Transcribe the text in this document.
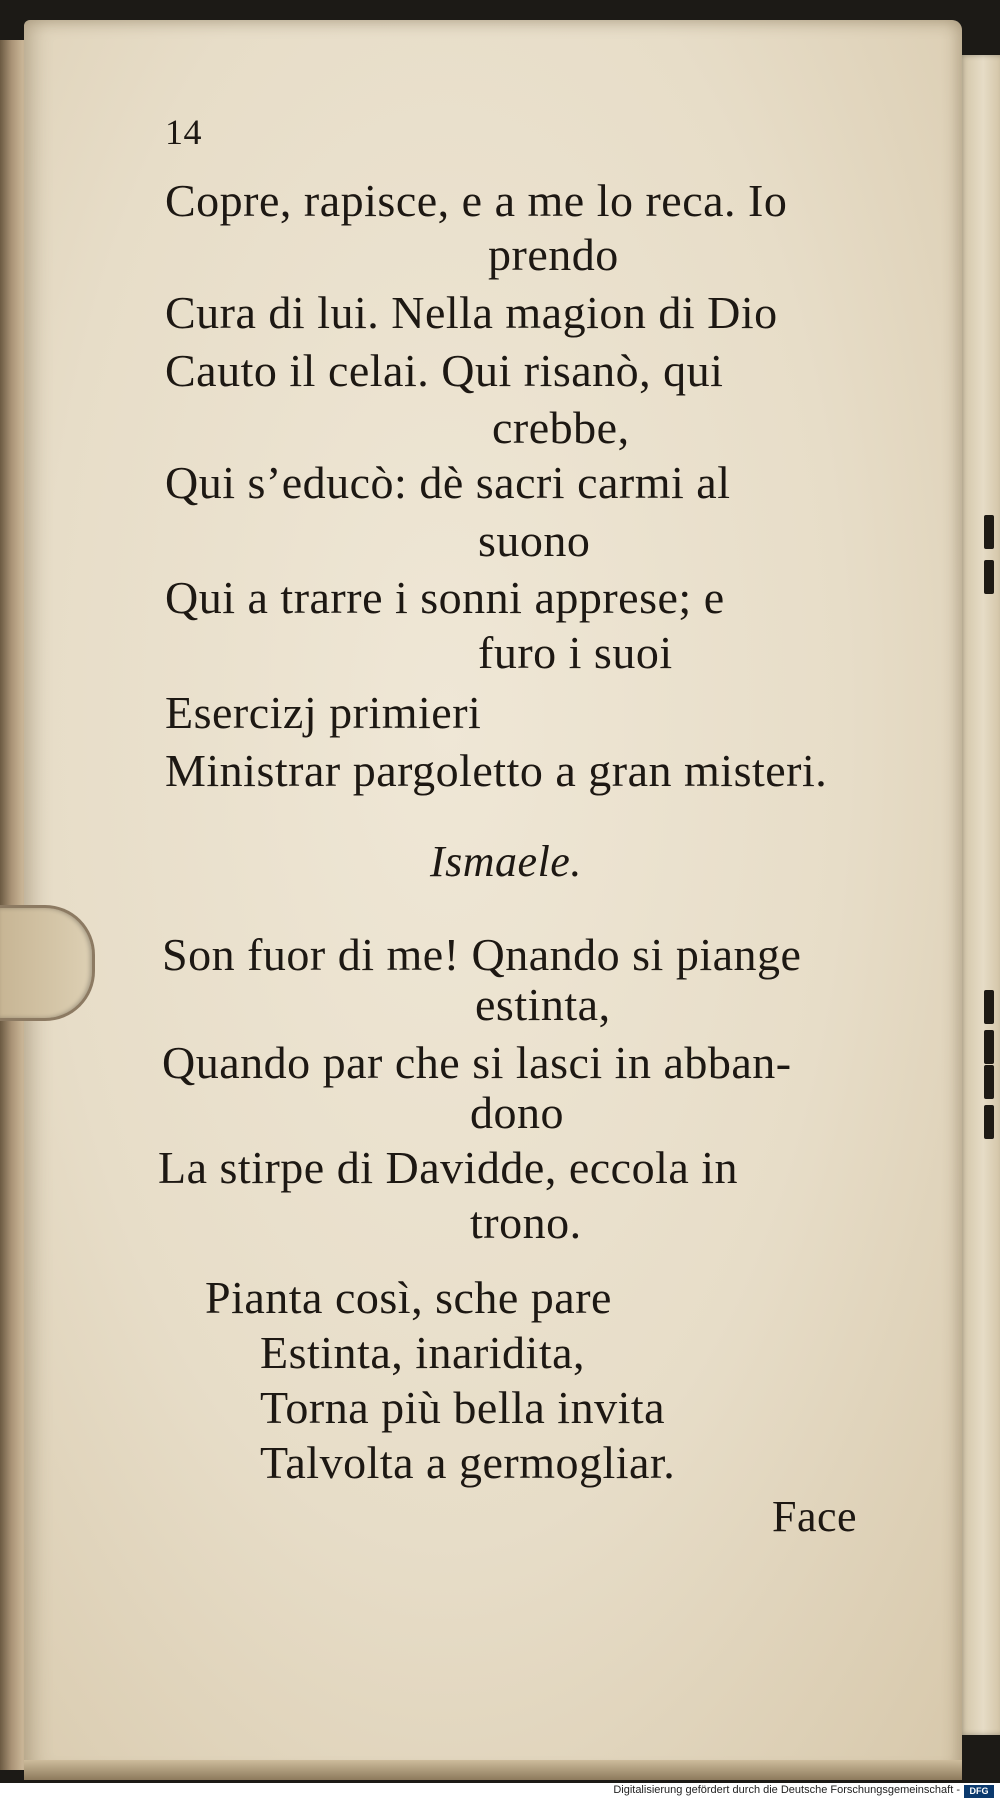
14
Copre, rapisce, e a me lo reca. Io
prendo
Cura di lui. Nella magion di Dio
Cauto il celai. Qui risanò, qui
crebbe,
Qui s’educò: dè sacri carmi al
suono
Qui a trarre i sonni apprese; e
furo i suoi
Esercizj primieri
Ministrar pargoletto a gran misteri.
Ismaele.
Son fuor di me! Qnando si piange
estinta,
Quando par che si lasci in abban-
dono
La stirpe di Davidde, eccola in
trono.
Pianta così, sche pare
Estinta, inaridita,
Torna più bella invita
Talvolta a germogliar.
Face
Digitalisierung gefördert durch die Deutsche Forschungsgemeinschaft -	DFG
